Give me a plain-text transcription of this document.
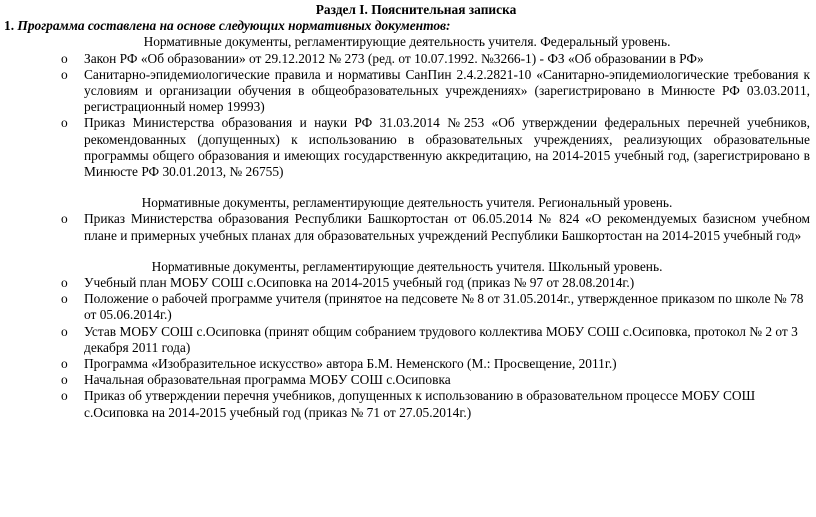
Раздел I. Пояснительная записка

1. Программа составлена на основе следующих нормативных документов:

Нормативные документы, регламентирующие деятельность учителя. Федеральный уровень.

o Закон РФ «Об образовании» от 29.12.2012 № 273 (ред. от 10.07.1992. №3266-1) - ФЗ «Об образовании в РФ»
o Санитарно-эпидемиологические правила и нормативы СанПин 2.4.2.2821-10 «Санитарно-эпидемиологические требования к условиям и организации обучения в общеобразовательных учреждениях» (зарегистрировано в Минюсте РФ 03.03.2011, регистрационный номер 19993)
o Приказ Министерства образования и науки РФ 31.03.2014 №253 «Об утверждении федеральных перечней учебников, рекомендованных (допущенных) к использованию в образовательных учреждениях, реализующих образовательные программы общего образования и имеющих государственную аккредитацию, на 2014-2015 учебный год, (зарегистрировано в Минюсте РФ 30.01.2013, № 26755)

Нормативные документы, регламентирующие деятельность учителя. Региональный уровень.

o Приказ Министерства образования Республики Башкортостан от 06.05.2014 № 824 «О рекомендуемых базисном учебном плане и примерных учебных планах для образовательных учреждений Республики Башкортостан на 2014-2015 учебный год»

Нормативные документы, регламентирующие деятельность учителя. Школьный уровень.

o Учебный план МОБУ СОШ с.Осиповка на 2014-2015 учебный год (приказ № 97 от 28.08.2014г.)
o Положение о рабочей программе учителя (принятое на педсовете № 8 от 31.05.2014г., утвержденное приказом по школе № 78 от 05.06.2014г.)
o Устав МОБУ СОШ с.Осиповка (принят общим собранием трудового коллектива МОБУ СОШ с.Осиповка, протокол № 2 от 3 декабря 2011 года)
o Программа «Изобразительное искусство» автора Б.М. Неменского (М.: Просвещение, 2011г.)
o Начальная образовательная программа МОБУ СОШ с.Осиповка
o Приказ об утверждении перечня учебников, допущенных к использованию в образовательном процессе МОБУ СОШ с.Осиповка на 2014-2015 учебный год (приказ № 71 от 27.05.2014г.)
